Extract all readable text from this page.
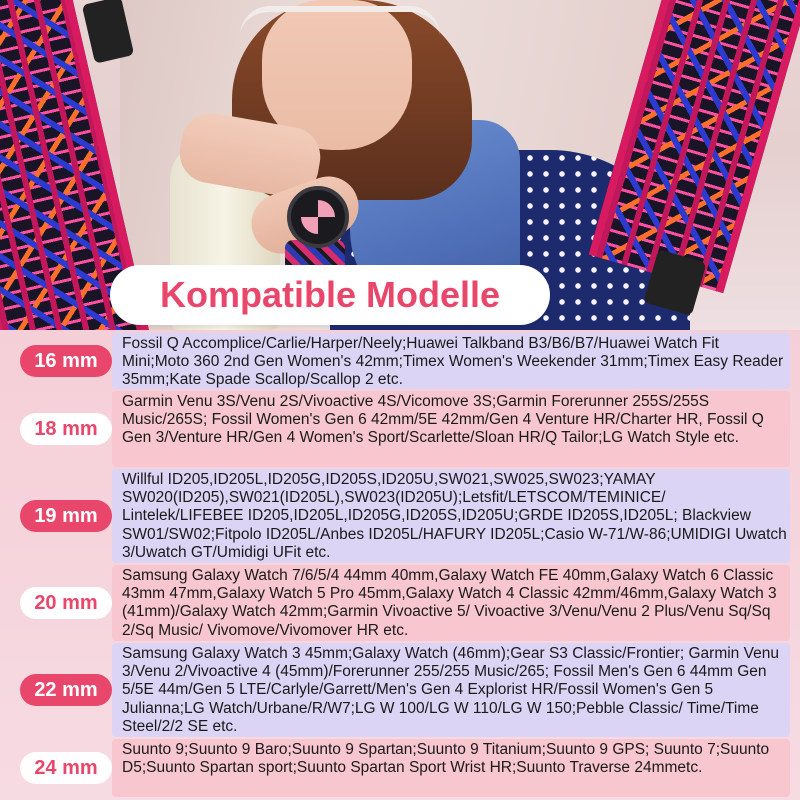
Kompatible Modelle
16 mm
Fossil Q Accomplice/Carlie/Harper/Neely;Huawei Talkband B3/B6/B7/Huawei Watch Fit Mini;Moto 360 2nd Gen Women's 42mm;Timex Women's Weekender 31mm;Timex Easy Reader 35mm;Kate Spade Scallop/Scallop 2 etc.
18 mm
Garmin Venu 3S/Venu 2S/Vivoactive 4S/Vicomove 3S;Garmin Forerunner 255S/255S Music/265S; Fossil Women's Gen 6 42mm/5E 42mm/Gen 4 Venture HR/Charter HR, Fossil Q Gen 3/Venture HR/Gen 4 Women's Sport/Scarlette/Sloan HR/Q Tailor;LG Watch Style etc.
19 mm
Willful ID205,ID205L,ID205G,ID205S,ID205U,SW021,SW025,SW023;YAMAY SW020(ID205),SW021(ID205L),SW023(ID205U);Letsfit/LETSCOM/TEMINICE/ Lintelek/LIFEBEE ID205,ID205L,ID205G,ID205S,ID205U;GRDE ID205S,ID205L; Blackview SW01/SW02;Fitpolo ID205L/Anbes ID205L/HAFURY ID205L;Casio W-71/W-86;UMIDIGI Uwatch 3/Uwatch GT/Umidigi UFit etc.
20 mm
Samsung Galaxy Watch 7/6/5/4 44mm 40mm,Galaxy Watch FE 40mm,Galaxy Watch 6 Classic 43mm 47mm,Galaxy Watch 5 Pro 45mm,Galaxy Watch 4 Classic 42mm/46mm,Galaxy Watch 3 (41mm)/Galaxy Watch 42mm;Garmin Vivoactive 5/ Vivoactive 3/Venu/Venu 2 Plus/Venu Sq/Sq 2/Sq Music/ Vivomove/Vivomover HR etc.
22 mm
Samsung Galaxy Watch 3 45mm;Galaxy Watch (46mm);Gear S3 Classic/Frontier; Garmin Venu 3/Venu 2/Vivoactive 4 (45mm)/Forerunner 255/255 Music/265; Fossil Men's Gen 6 44mm Gen 5/5E 44m/Gen 5 LTE/Carlyle/Garrett/Men's Gen 4 Explorist HR/Fossil Women's Gen 5 Julianna;LG Watch/Urbane/R/W7;LG W 100/LG W 110/LG W 150;Pebble Classic/ Time/Time Steel/2/2 SE etc.
24 mm
Suunto 9;Suunto 9 Baro;Suunto 9 Spartan;Suunto 9 Titanium;Suunto 9 GPS; Suunto 7;Suunto D5;Suunto Spartan sport;Suunto Spartan Sport Wrist HR;Suunto Traverse 24mmetc.
